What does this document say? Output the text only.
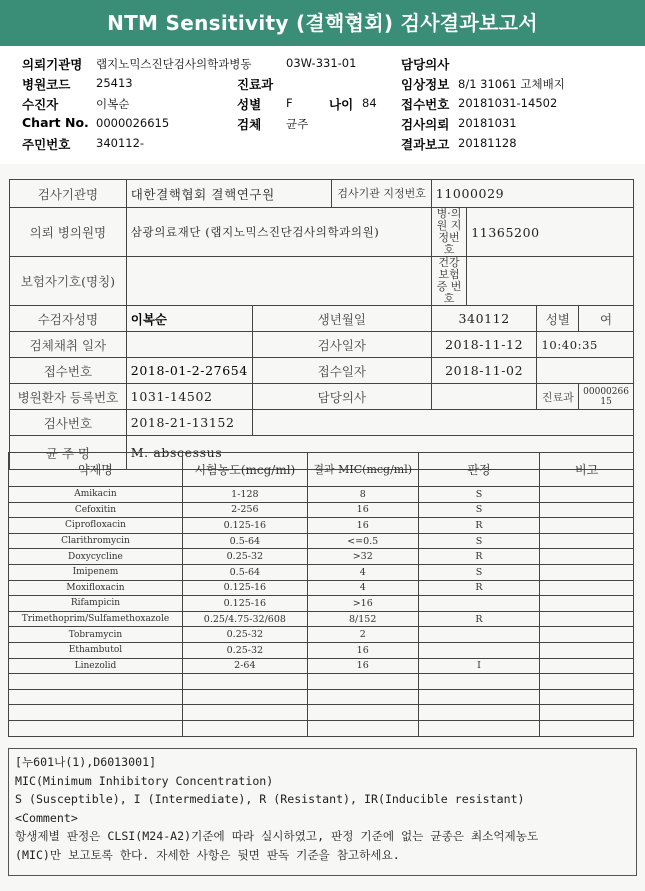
NTM Sensitivity (결핵협회) 검사결과보고서
의뢰기관명 랩지노믹스진단검사의학과병동	03W-331-01	담당의사
병원코드 25413	진료과	임상정보 8/1 31061 고체배지
수진자	이복순	성별 F	나이 84 접수번호 20181031-14502
Chart No. 0000026615	검체 균주	검사의뢰 20181031
주민번호 340112-	결과보고 20181128
검사기관명	대한결핵협회 결핵연구원		검사기관 지정번호	11000029			
의뢰 병의원명	삼광의료재단 (랩지노믹스진단검사의학과의원)			병·의원 지정번호	11365200		
보험자기호(명칭)				건강보험 증 번 호			
수검자성명	이복순	생년월일		340112		성별	여
검체채취 일자		검사일자		2018-11-12		10:40:35	
접수번호	2018-01-2-27654	접수일자		2018-11-02			
병원환자 등록번호	1031-14502	담당의사				진료과	00000266 15
검사번호	2018-21-13152						
균 주 명	M. abscessus						
약제명	시험농도(mcg/ml)	결과 MIC(mcg/ml)	판정	비고
Amikacin	1-128	8	S	
Cefoxitin	2-256	16	S	
Ciprofloxacin	0.125-16	16	R	
Clarithromycin	0.5-64	<=0.5	S	
Doxycycline	0.25-32	>32	R	
Imipenem	0.5-64	4	S	
Moxifloxacin	0.125-16	4	R	
Rifampicin	0.125-16	>16		
Trimethoprim/Sulfamethoxazole	0.25/4.75-32/608	8/152	R	
Tobramycin	0.25-32	2		
Ethambutol	0.25-32	16		
Linezolid	2-64	16	I	

[누601나(1),D6013001]
MIC(Minimum Inhibitory Concentration)
S (Susceptible), I (Intermediate), R (Resistant), IR(Inducible resistant)
<Comment>
항생제별 판정은 CLSI(M24-A2)기준에 따라 실시하였고, 판정 기준에 없는 균종은 최소억제농도
(MIC)만 보고토록 한다. 자세한 사항은 뒷면 판독 기준을 참고하세요.
